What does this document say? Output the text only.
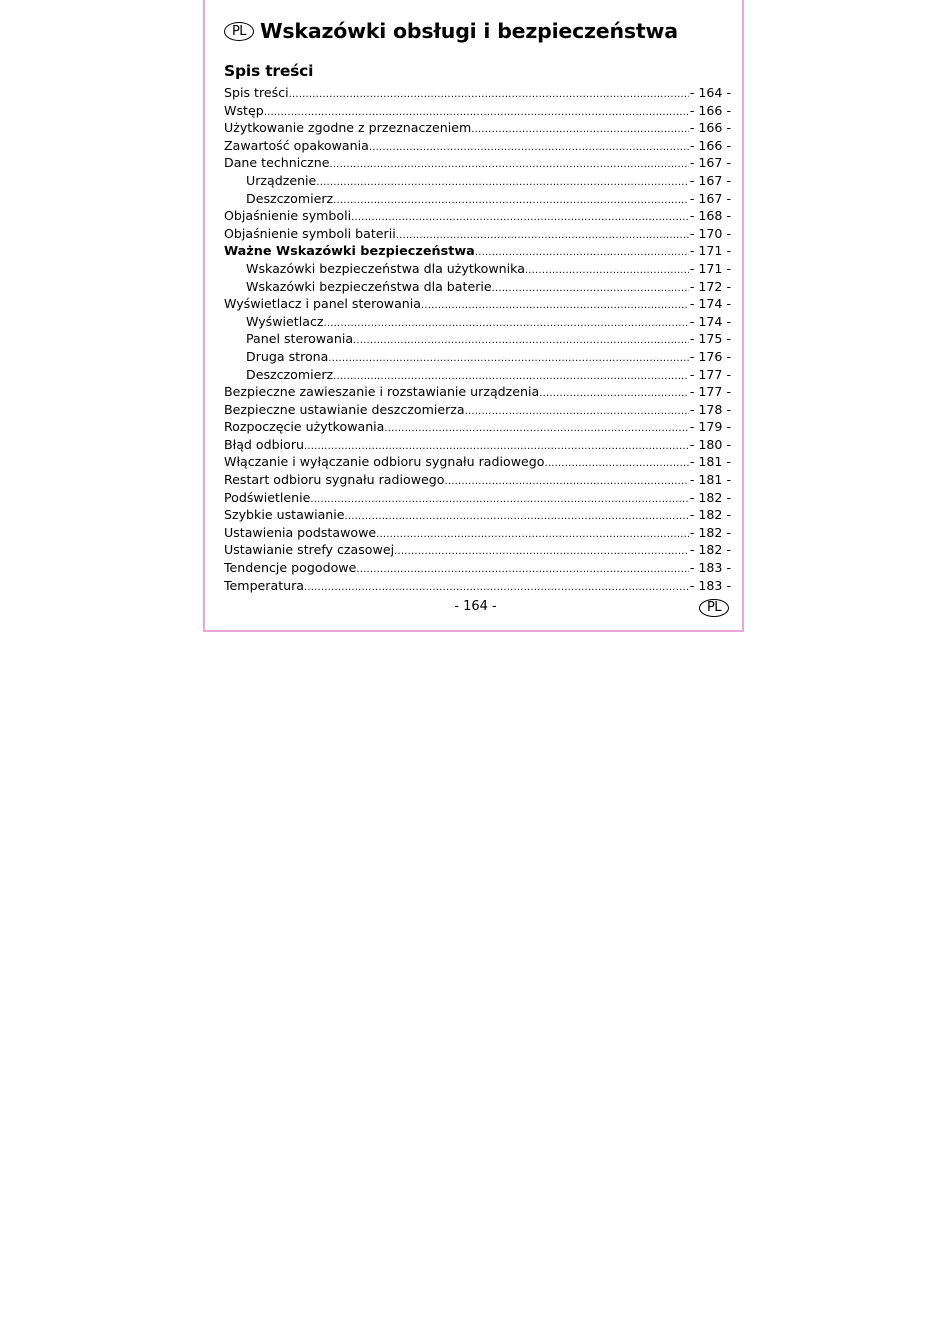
PL Wskazówki obsługi i bezpieczeństwa
Spis treści
Spis treści .....	- 164 -
Wstęp .....	- 166 -
Użytkowanie zgodne z przeznaczeniem .....	- 166 -
Zawartość opakowania .....	- 166 -
Dane techniczne .....	- 167 -
Urządzenie .....	- 167 -
Deszczomierz .....	- 167 -
Objaśnienie symboli .....	- 168 -
Objaśnienie symboli baterii .....	- 170 -
Ważne Wskazówki bezpieczeństwa .....	- 171 -
Wskazówki bezpieczeństwa dla użytkownika .....	- 171 -
Wskazówki bezpieczeństwa dla baterie .....	- 172 -
Wyświetlacz i panel sterowania .....	- 174 -
Wyświetlacz .....	- 174 -
Panel sterowania .....	- 175 -
Druga strona .....	- 176 -
Deszczomierz .....	- 177 -
Bezpieczne zawieszanie i rozstawianie urządzenia .....	- 177 -
Bezpieczne ustawianie deszczomierza .....	- 178 -
Rozpoczęcie użytkowania .....	- 179 -
Błąd odbioru .....	- 180 -
Włączanie i wyłączanie odbioru sygnału radiowego .....	- 181 -
Restart odbioru sygnału radiowego .....	- 181 -
Podświetlenie .....	- 182 -
Szybkie ustawianie .....	- 182 -
Ustawienia podstawowe .....	- 182 -
Ustawianie strefy czasowej .....	- 182 -
Tendencje pogodowe .....	- 183 -
Temperatura .....	- 183 -
- 164 -	PL
